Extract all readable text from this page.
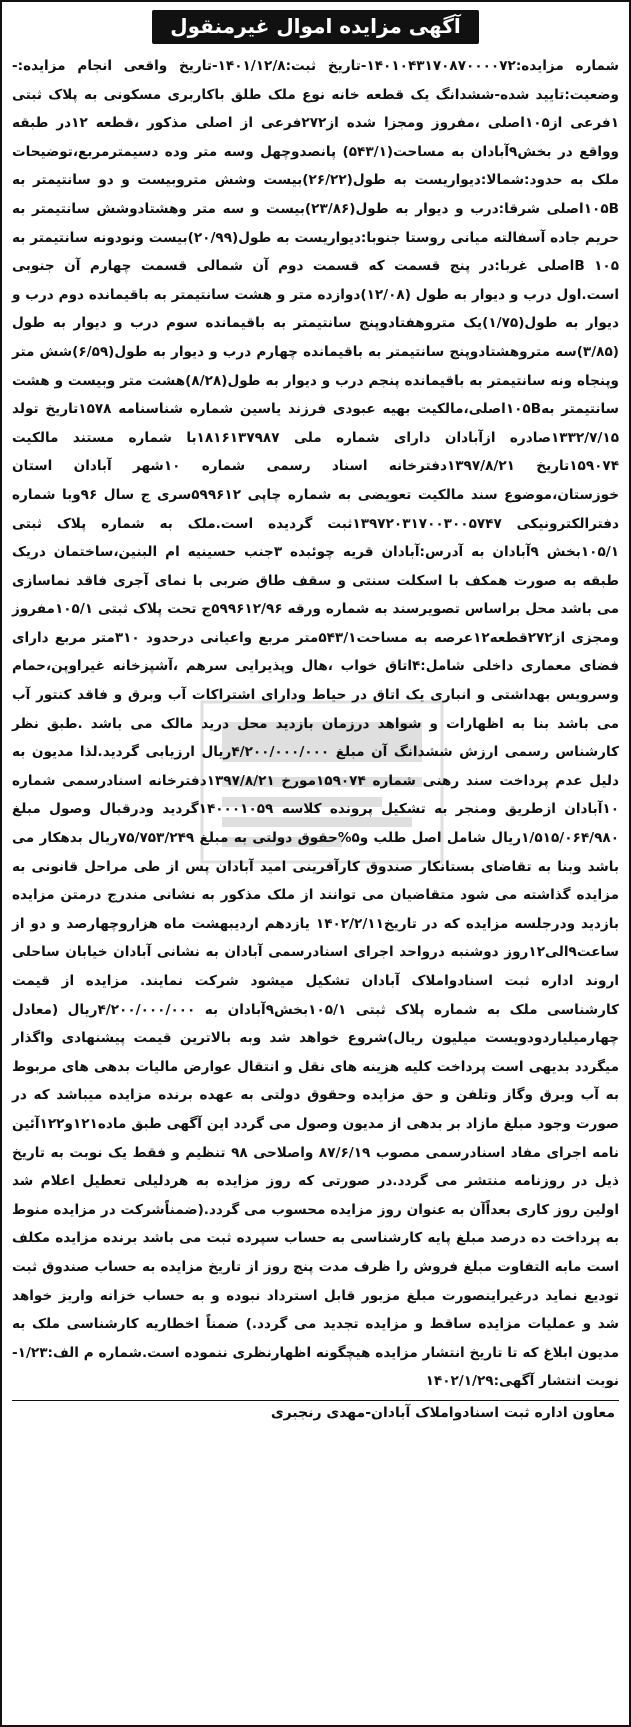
آگهی مزایده اموال غیرمنقول
شماره مزایده:۱۴۰۱۰۴۳۱۷۰۸۷۰۰۰۰۷۲-تاریخ ثبت:۱۴۰۱/۱۲/۸-تاریخ واقعی انجام مزایده:-وضعیت:تایید شده-ششدانگ یک قطعه خانه نوع ملک طلق باکاربری مسکونی به پلاک ثبتی ۱فرعی از۱۰۵اصلی ،مفروز ومجزا شده از۲۷۲فرعی از اصلی مذکور ،قطعه ۱۲در طبقه وواقع در بخش۹آبادان به مساحت(۵۴۳/۱) پانصدوچهل وسه متر وده دسیمترمربع،توضیحات ملک به حدود:شمالا:دیواریست به طول(۲۶/۲۲)بیست وشش متروبیست و دو سانتیمتر به ۱۰۵Bاصلی شرقا:درب و دیوار به طول(۲۳/۸۶)بیست و سه متر وهشتادوشش سانتیمتر به حریم جاده آسفالته میانی روستا جنوبا:دیواریست به طول(۲۰/۹۹)بیست ونودونه سانتیمتر به ۱۰۵ Bاصلی غربا:در پنج قسمت که قسمت دوم آن شمالی قسمت چهارم آن جنوبی است.اول درب و دیوار به طول (۱۲/۰۸)دوازده متر و هشت سانتیمتر به باقیمانده دوم درب و دیوار به طول(۱/۷۵)یک متروهفتادوپنج سانتیمتر به باقیمانده سوم درب و دیوار به طول (۳/۸۵)سه متروهشتادوپنج سانتیمتر به باقیمانده چهارم درب و دیوار به طول(۶/۵۹)شش متر وپنجاه ونه سانتیمتر به باقیمانده پنجم درب و دیوار به طول(۸/۲۸)هشت متر وبیست و هشت سانتیمتر به۱۰۵Bاصلی،مالکیت بهیه عبودی فرزند یاسین شماره شناسنامه ۱۵۷۸تاریخ تولد ۱۳۳۲/۷/۱۵صادره ازآبادان دارای شماره ملی ۱۸۱۶۱۳۷۹۸۷با شماره مستند مالکیت ۱۵۹۰۷۴تاریخ ۱۳۹۷/۸/۲۱دفترخانه اسناد رسمی شماره ۱۰شهر آبادان استان خوزستان،موضوع سند مالکیت تعویضی به شماره چاپی ۵۹۹۶۱۲سری ج سال ۹۶وبا شماره دفترالکترونیکی ۱۳۹۷۲۰۳۱۷۰۰۳۰۰۵۷۴۷ثبت گردیده است.ملک به شماره پلاک ثبتی ۱۰۵/۱بخش ۹آبادان به آدرس:آبادان قریه چوئبده ۳جنب حسینیه ام البنین،ساختمان دریک طبقه به صورت همکف با اسکلت سنتی و سقف طاق ضربی با نمای آجری فاقد نماسازی می باشد محل براساس تصویرسند به شماره ورقه ۵۹۹۶۱۲/۹۶ج تحت پلاک ثبتی ۱۰۵/۱مفروز ومجزی از۲۷۲قطعه۱۲عرصه به مساحت۵۴۳/۱متر مربع واعیانی درحدود ۳۱۰متر مربع دارای فضای معماری داخلی شامل:۴اتاق خواب ،هال وپذیرایی سرهم ،آشپزخانه غیراوپن،حمام وسرویس بهداشتی و انباری یک اتاق در حیاط ودارای اشتراکات آب وبرق و فاقد کنتور آب می باشد بنا به اظهارات و شواهد درزمان بازدید محل درید مالک می باشد .طبق نظر کارشناس رسمی ارزش ششدانگ آن مبلغ ۴/۲۰۰/۰۰۰/۰۰۰ریال ارزیابی گردید.لذا مدیون به دلیل عدم پرداخت سند رهنی شماره ۱۵۹۰۷۴مورخ ۱۳۹۷/۸/۲۱دفترخانه اسنادرسمی شماره ۱۰آبادان ازطریق ومنجر به تشکیل پرونده کلاسه ۱۴۰۰۰۱۰۵۹گردید ودرقبال وصول مبلغ ۱/۵۱۵/۰۶۴/۹۸۰ریال شامل اصل طلب و۵%حقوق دولتی به مبلغ ۷۵/۷۵۳/۲۴۹ریال بدهکار می باشد وبنا به تقاضای بستانکار صندوق کارآفرینی امید آبادان پس از طی مراحل قانونی به مزایده گذاشته می شود متقاضیان می توانند از ملک مذکور به نشانی مندرج درمتن مزایده بازدید ودرجلسه مزایده که در تاریخ۱۴۰۲/۲/۱۱ یازدهم اردیبهشت ماه هزاروچهارصد و دو از ساعت۹الی۱۲روز دوشنبه درواحد اجرای اسنادرسمی آبادان به نشانی آبادان خیابان ساحلی اروند اداره ثبت اسنادواملاک آبادان تشکیل میشود شرکت نمایند. مزایده از قیمت کارشناسی ملک به شماره پلاک ثبتی ۱۰۵/۱بخش۹آبادان به ۴/۲۰۰/۰۰۰/۰۰۰ریال (معادل چهارمیلیاردودویست میلیون ریال)شروع خواهد شد وبه بالاترین قیمت پیشنهادی واگذار میگردد بدیهی است پرداخت کلیه هزینه های نقل و انتقال عوارض مالیات بدهی های مربوط به آب وبرق وگاز وتلفن و حق مزایده وحقوق دولتی به عهده برنده مزایده میباشد که در صورت وجود مبلغ مازاد بر بدهی از مدیون وصول می گردد این آگهی طبق ماده۱۲۱و۱۲۲آئین نامه اجرای مفاد اسنادرسمی مصوب ۸۷/۶/۱۹ واصلاحی ۹۸ تنظیم و فقط یک نوبت به تاریخ ذیل در روزنامه منتشر می گردد.در صورتی که روز مزایده به هردلیلی تعطیل اعلام شد اولین روز کاری بعداًآن به عنوان روز مزایده محسوب می گردد.(ضمناًشرکت در مزایده منوط به پرداخت ده درصد مبلغ پایه کارشناسی به حساب سپرده ثبت می باشد برنده مزایده مکلف است مابه التفاوت مبلغ فروش را ظرف مدت پنج روز از تاریخ مزایده به حساب صندوق ثبت تودیع نماید درغیراینصورت مبلغ مزبور قابل استرداد نبوده و به حساب خزانه واریز خواهد شد و عملیات مزایده ساقط و مزایده تجدید می گردد.) ضمناً اخطاریه کارشناسی ملک به مدیون ابلاغ که تا تاریخ انتشار مزایده هیچگونه اظهارنظری ننموده است.شماره م الف:۱/۲۳-نوبت انتشار آگهی:۱۴۰۲/۱/۲۹
معاون اداره ثبت اسنادواملاک آبادان-مهدی رنجبری
